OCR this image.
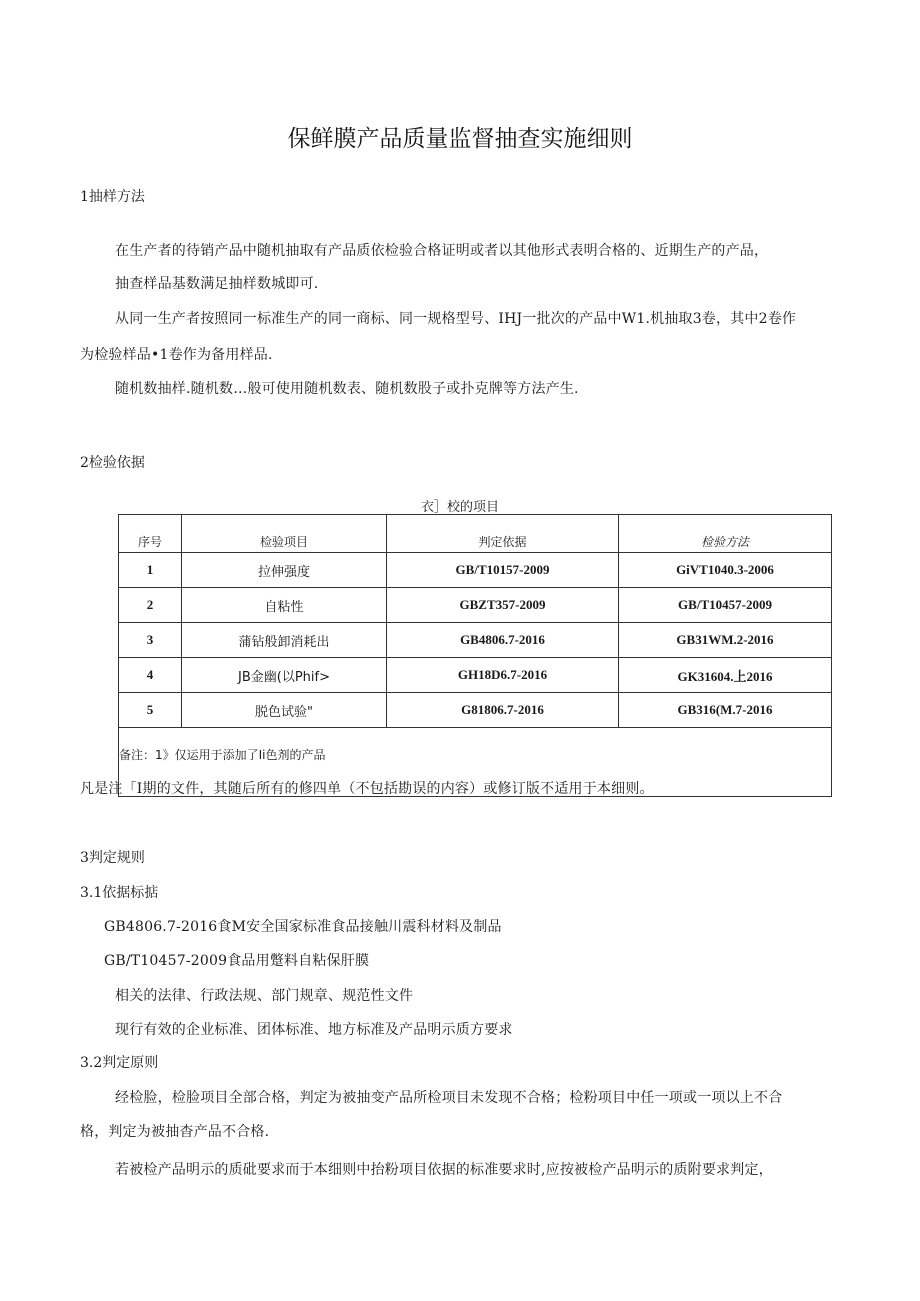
保鲜膜产品质量监督抽查实施细则
1抽样方法
在生产者的待销产品中随机抽取有产品质依检验合格证明或者以其他形式表明合格的、近期生产的产品，
抽查样品基数满足抽样数城即可.
从同一生产者按照同一标准生产的同一商标、同一规格型号、IHJ一批次的产品中W1.机抽取3卷，其中2卷作
为检验样品•1卷作为备用样品.
随机数抽样.随机数…般可使用随机数表、随机数股子或扑克牌等方法产生.
2检验依据
衣］校的项目
序号	检验项目	判定依据	检验方法
1	拉伸强度	GB/T10157-2009	GiVT1040.3-2006
2	自粘性	GBZT357-2009	GB/T10457-2009
3	蒲钻般卸消耗出	GB4806.7-2016	GB31WM.2-2016
4	JB金幽(以Phif>	GH18D6.7-2016	GK31604.上2016
5	脱色试验"	G81806.7-2016	GB316(M.7-2016
备注：1》仅运用于添加了Ii色剂的产品			
凡是注「I期的文件，其随后所有的修四单（不包括勘误的内容）或修订版不适用于本细则。
3判定规则
3.1依据标掂
GB4806.7-2016食M安全国家标准食品接触川震科材料及制品
GB/T10457-2009食品用蹩料自粘保肝膜
相关的法律、行政法规、部门规章、规范性文件
现行有效的企业标准、团体标准、地方标准及产品明示质方要求
3.2判定原则
经检脸，检脸项目全部合格，判定为被抽变产品所检项目未发现不合格；检粉项目中任一项或一项以上不合
格，判定为被抽杳产品不合格.
若被检产品明示的质砒要求而于本细则中抬粉项目依据的标准要求时,应按被检产品明示的质附要求判定，
